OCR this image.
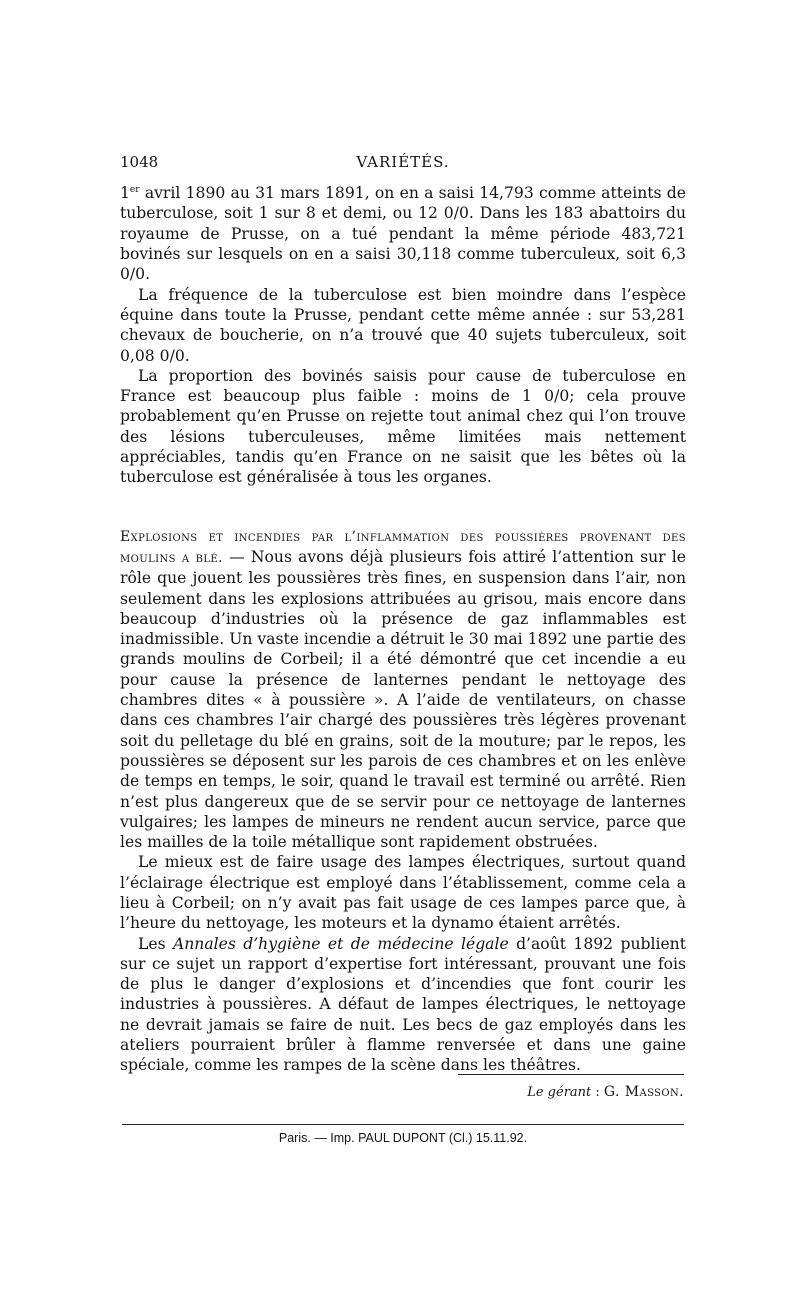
1048	VARIÉTÉS.

1er avril 1890 au 31 mars 1891, on en a saisi 14,793 comme atteints de tuberculose, soit 1 sur 8 et demi, ou 12 0/0. Dans les 183 abattoirs du royaume de Prusse, on a tué pendant la même période 483,721 bovinés sur lesquels on en a saisi 30,118 comme tuberculeux, soit 6,3 0/0.

La fréquence de la tuberculose est bien moindre dans l’espèce équine dans toute la Prusse, pendant cette même année : sur 53,281 chevaux de boucherie, on n’a trouvé que 40 sujets tuberculeux, soit 0,08 0/0.

La proportion des bovinés saisis pour cause de tuberculose en France est beaucoup plus faible : moins de 1 0/0; cela prouve probablement qu’en Prusse on rejette tout animal chez qui l’on trouve des lésions tuberculeuses, même limitées mais nettement appréciables, tandis qu’en France on ne saisit que les bêtes où la tuberculose est généralisée à tous les organes.

Explosions et incendies par l’inflammation des poussières provenant des moulins a blé. — Nous avons déjà plusieurs fois attiré l’attention sur le rôle que jouent les poussières très fines, en suspension dans l’air, non seulement dans les explosions attribuées au grisou, mais encore dans beaucoup d’industries où la présence de gaz inflammables est inadmissible. Un vaste incendie a détruit le 30 mai 1892 une partie des grands moulins de Corbeil; il a été démontré que cet incendie a eu pour cause la présence de lanternes pendant le nettoyage des chambres dites « à poussière ». A l’aide de ventilateurs, on chasse dans ces chambres l’air chargé des poussières très légères provenant soit du pelletage du blé en grains, soit de la mouture; par le repos, les poussières se déposent sur les parois de ces chambres et on les enlève de temps en temps, le soir, quand le travail est terminé ou arrêté. Rien n’est plus dangereux que de se servir pour ce nettoyage de lanternes vulgaires; les lampes de mineurs ne rendent aucun service, parce que les mailles de la toile métallique sont rapidement obstruées.

Le mieux est de faire usage des lampes électriques, surtout quand l’éclairage électrique est employé dans l’établissement, comme cela a lieu à Corbeil; on n’y avait pas fait usage de ces lampes parce que, à l’heure du nettoyage, les moteurs et la dynamo étaient arrêtés.

Les Annales d’hygiène et de médecine légale d’août 1892 publient sur ce sujet un rapport d’expertise fort intéressant, prouvant une fois de plus le danger d’explosions et d’incendies que font courir les industries à poussières. A défaut de lampes électriques, le nettoyage ne devrait jamais se faire de nuit. Les becs de gaz employés dans les ateliers pourraient brûler à flamme renversée et dans une gaine spéciale, comme les rampes de la scène dans les théâtres.

Le gérant : G. Masson.
Paris. — Imp. PAUL DUPONT (Cl.) 15.11.92.
